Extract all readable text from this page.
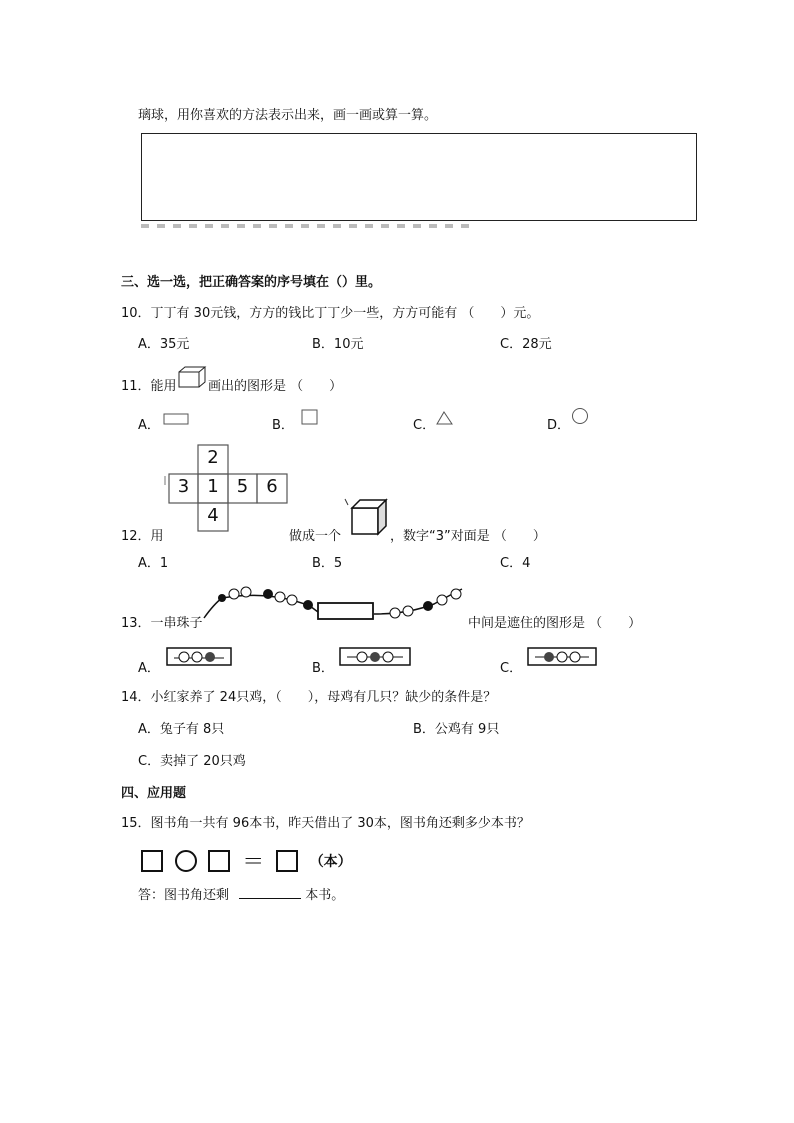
璃球，用你喜欢的方法表示出来，画一画或算一算。
三、选一选，把正确答案的序号填在（）里。
10．丁丁有 30元钱，方方的钱比丁丁少一些，方方可能有 （　　）元。
A．35元	B．10元	C．28元
11．能用 画出的图形是 （　　）
A．	B．	C．	D．
2
3	1	5	6
4
12．用	做成一个	，数字“3”对面是 （　　）
A．1	B．5	C．4
13．一串珠子	中间是遮住的图形是 （　　）
A．	B．	C．
14．小红家养了 24只鸡，（　　），母鸡有几只？缺少的条件是？
A．兔子有 8只	B．公鸡有 9只
C．卖掉了 20只鸡
四、应用题
15．图书角一共有 96本书，昨天借出了 30本，图书角还剩多少本书？
＝	（本）
答：图书角还剩	本书。
